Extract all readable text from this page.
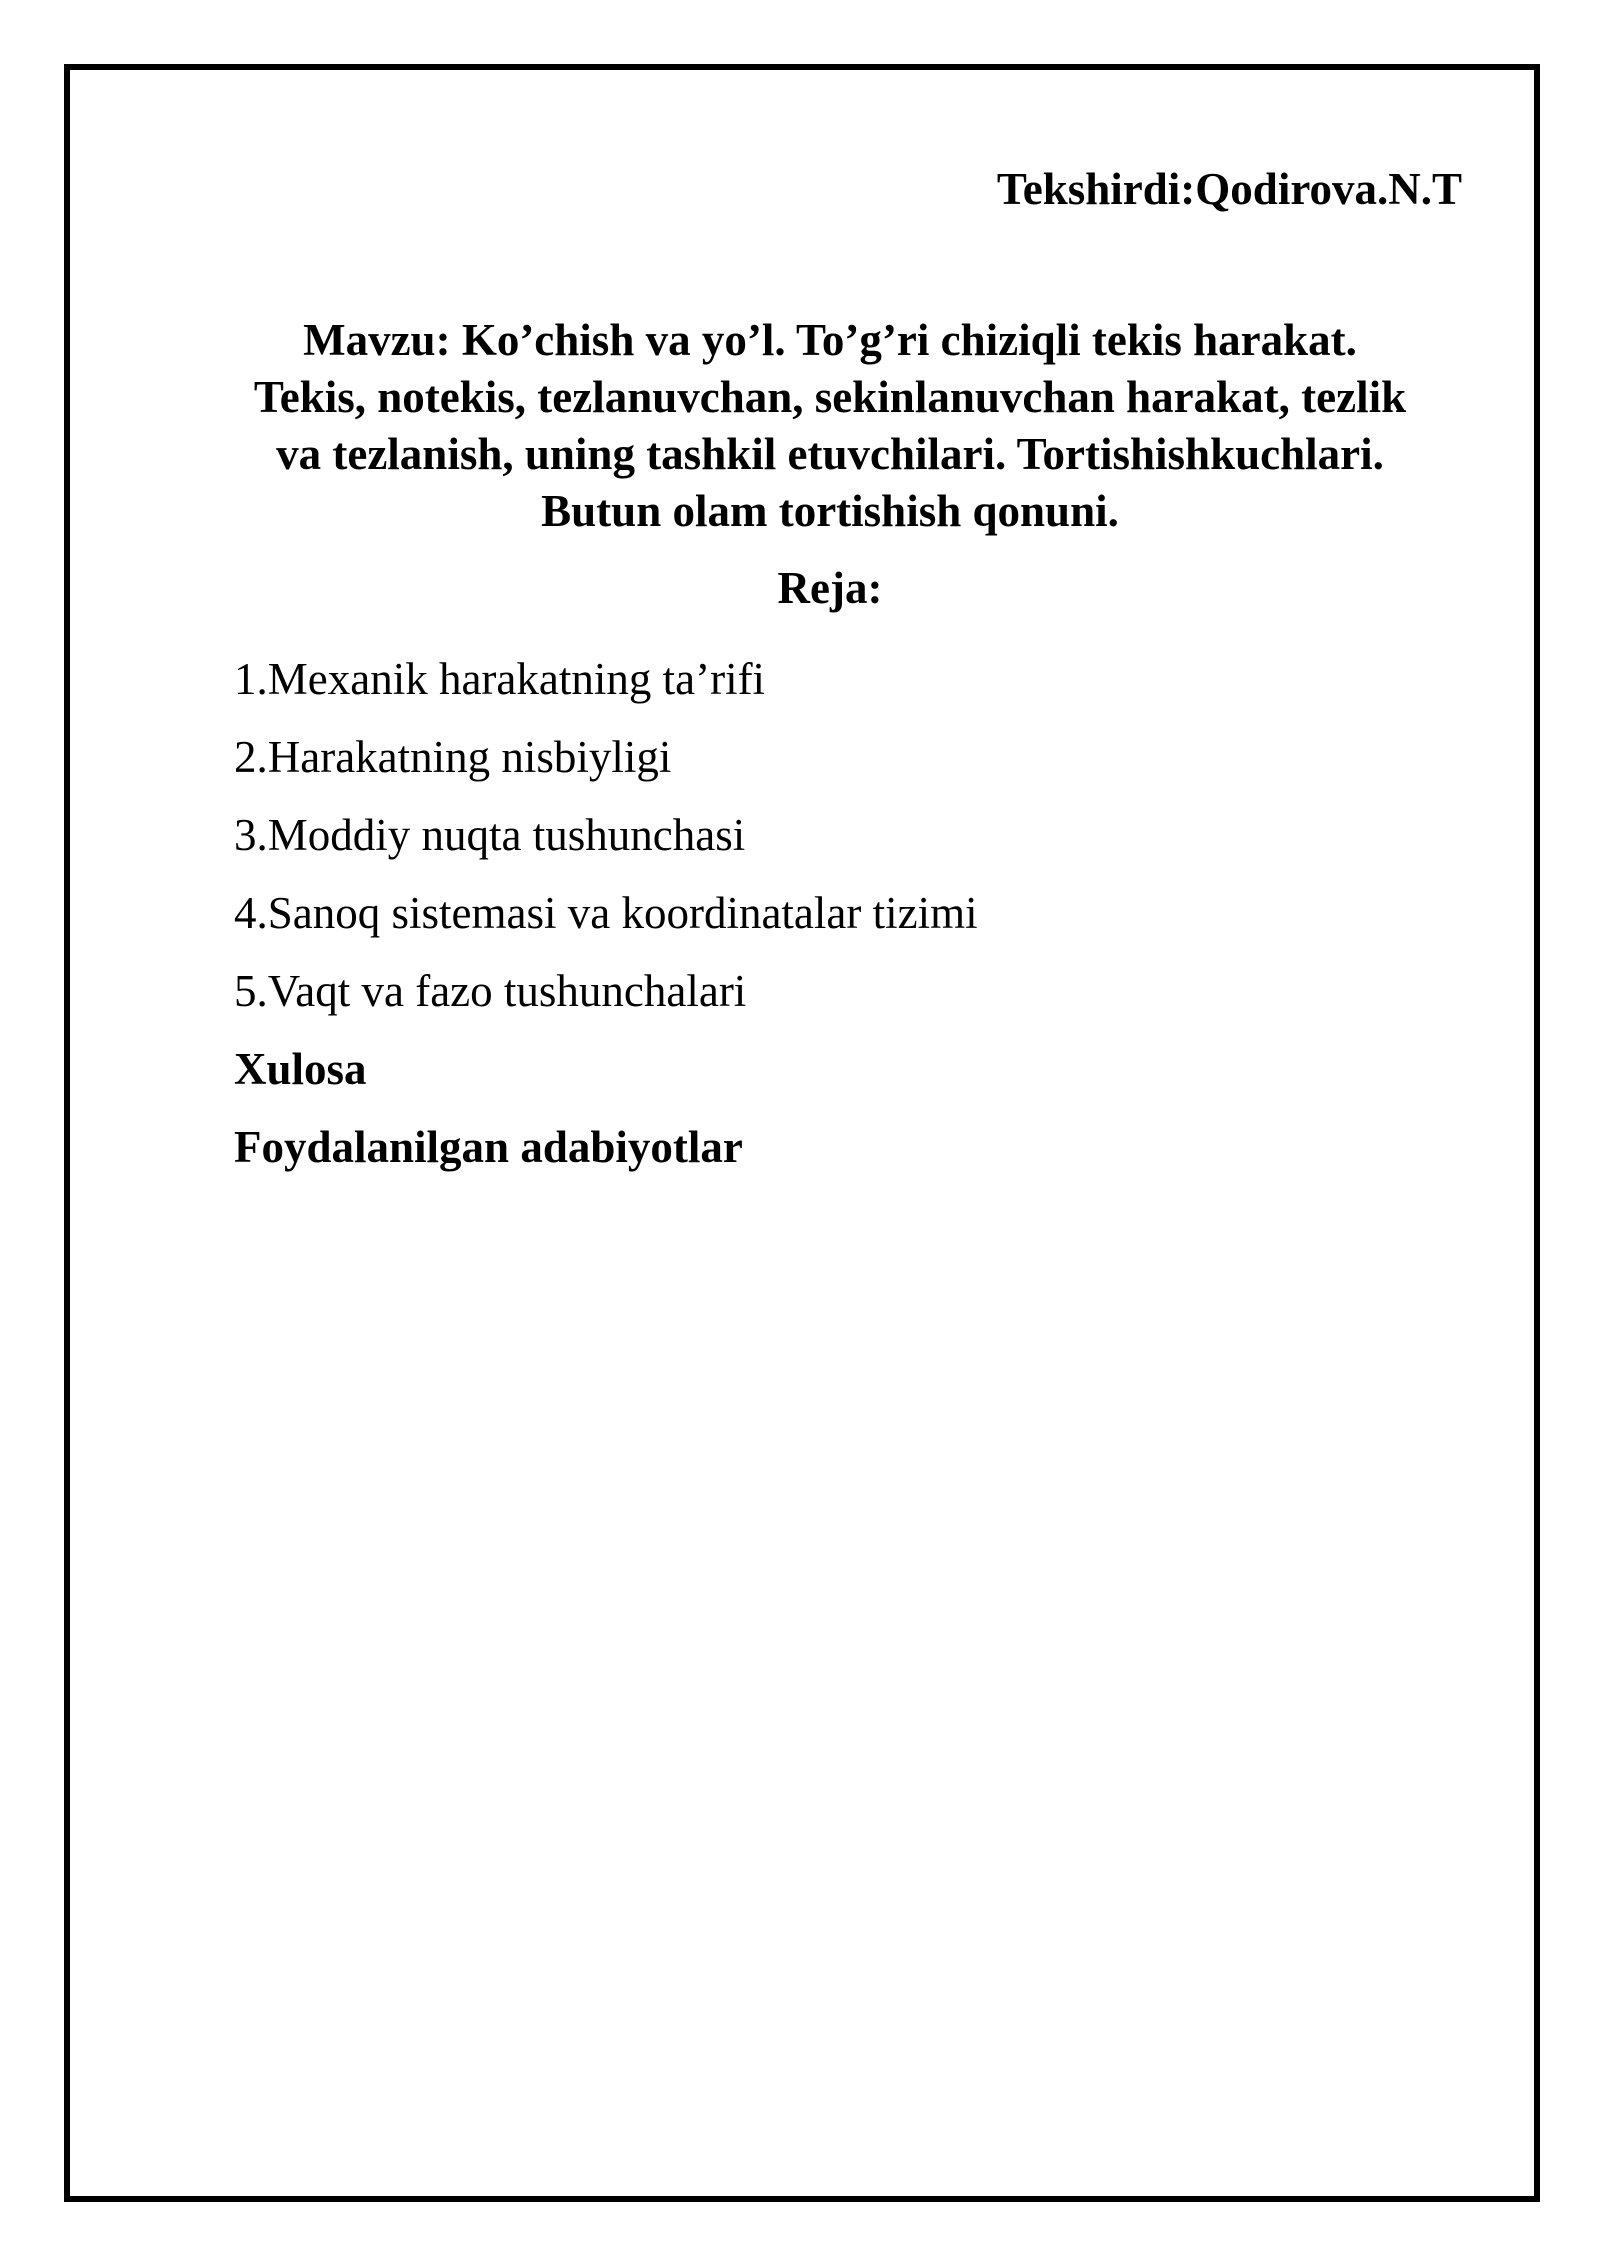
Tekshirdi:Qodirova.N.T

Mavzu: Ko’chish va yo’l. To’g’ri chiziqli tekis harakat.
Tekis, notekis, tezlanuvchan, sekinlanuvchan harakat, tezlik
va tezlanish, uning tashkil etuvchilari. Tortishishkuchlari.
Butun olam tortishish qonuni.

Reja:

1.Mexanik harakatning ta’rifi
2.Harakatning nisbiyligi
3.Moddiy nuqta tushunchasi
4.Sanoq sistemasi va koordinatalar tizimi
5.Vaqt va fazo tushunchalari
Xulosa
Foydalanilgan adabiyotlar
